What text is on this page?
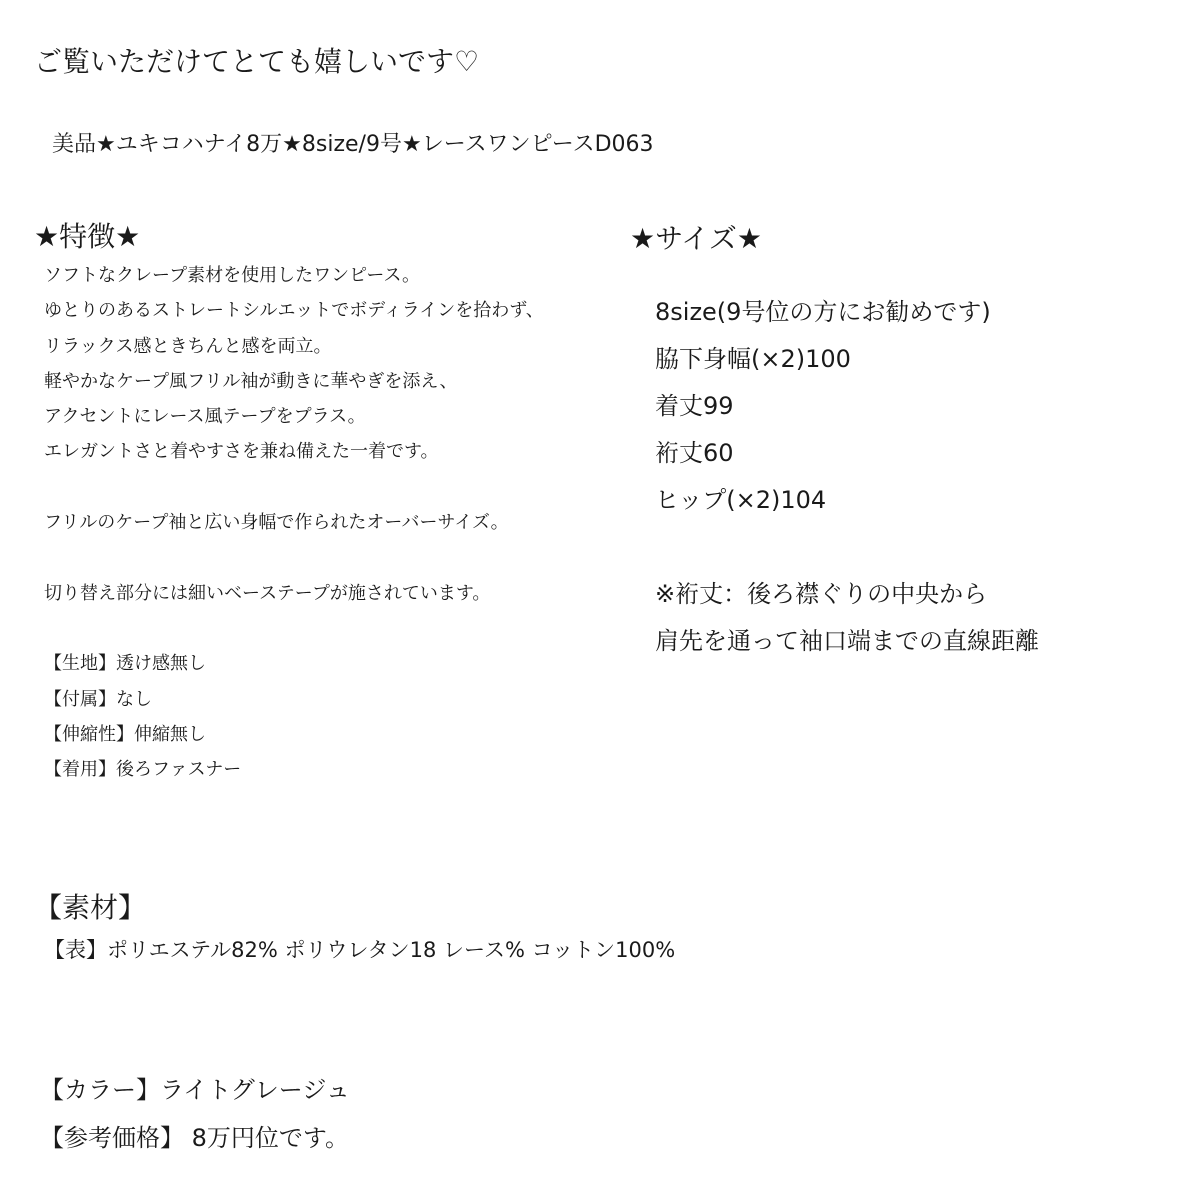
ご覧いただけてとても嬉しいです♡
美品★ユキコハナイ8万★8size/9号★レースワンピースD063
★特徴★
ソフトなクレープ素材を使用したワンピース。
ゆとりのあるストレートシルエットでボディラインを拾わず、
リラックス感ときちんと感を両立。
軽やかなケープ風フリル袖が動きに華やぎを添え、
アクセントにレース風テープをプラス。
エレガントさと着やすさを兼ね備えた一着です。
フリルのケープ袖と広い身幅で作られたオーバーサイズ。
切り替え部分には細いベーステープが施されています。
【生地】透け感無し
【付属】なし
【伸縮性】伸縮無し
【着用】後ろファスナー
★サイズ★
8size(9号位の方にお勧めです)
脇下身幅(×2)100
着丈99
裄丈60
ヒップ(×2)104
※裄丈：後ろ襟ぐりの中央から
肩先を通って袖口端までの直線距離
【素材】
【表】ポリエステル82% ポリウレタン18 レース% コットン100%
【カラー】ライトグレージュ
【参考価格】 8万円位です。
